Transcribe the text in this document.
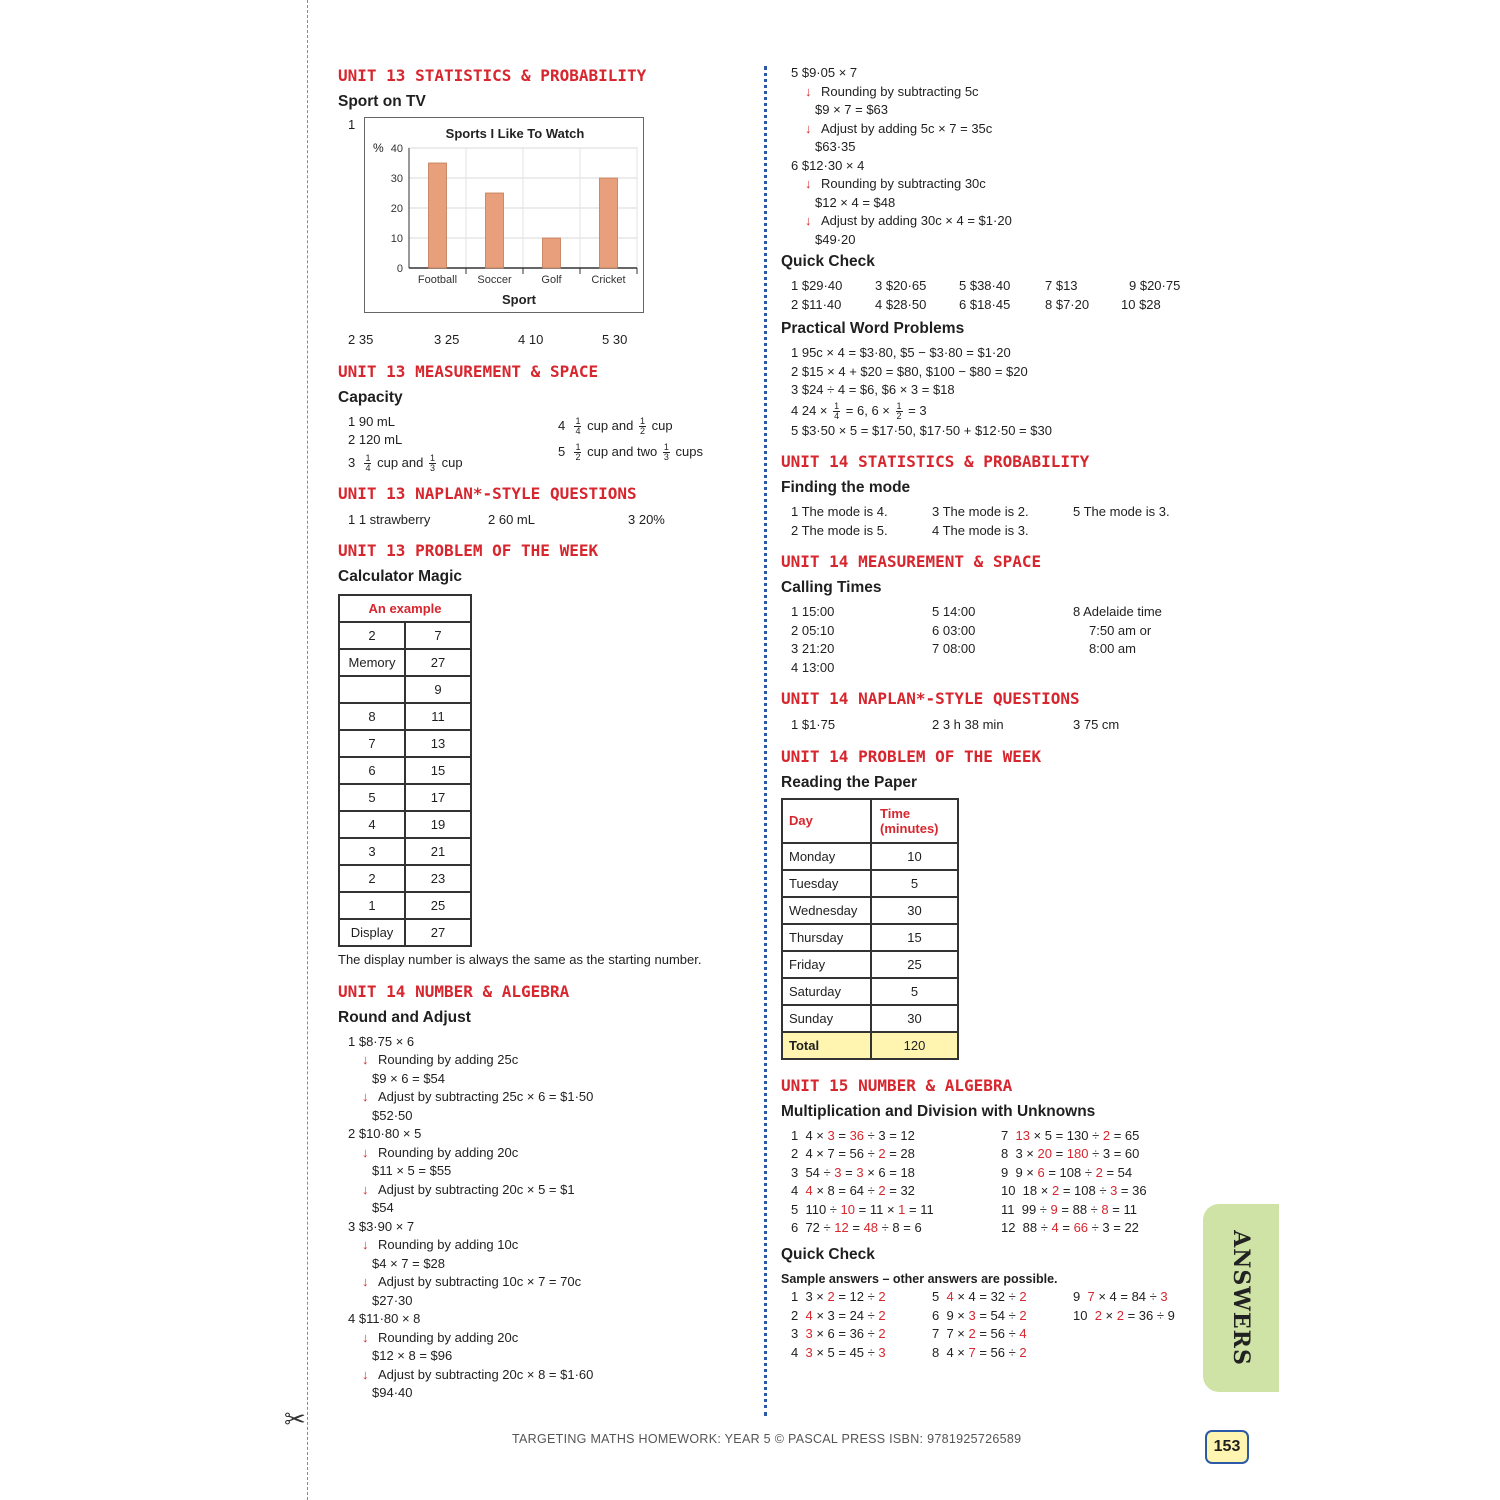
✂
UNIT 13 STATISTICS & PROBABILITY
Sport on TV
1
0
10
20
30
40
Football Soccer	Golf	Cricket
Sports I Like To Watch
Sport
%
2 35	3 25	4 10	5 30
UNIT 13 MEASUREMENT & SPACE
Capacity
1 90 mL
2 120 mL
$3 \frac{1}{4}$ cup and $\frac{1}{3}$ cup
$4 \frac{1}{4}$ cup and $\frac{1}{2}$ cup
$5 \frac{1}{2}$ cup and two $\frac{1}{3}$ cups
UNIT 13 NAPLAN*-STYLE QUESTIONS
1 1 strawberry	2 60 mL	3 20%
UNIT 13 PROBLEM OF THE WEEK
Calculator Magic
An example	
2	7
Memory	27
	9
8	11
7	13
6	15
5	17
4	19
3	21
2	23
1	25
Display	27
The display number is always the same as the starting number.
UNIT 14 NUMBER & ALGEBRA
Round and Adjust
1 $8·75 × 6
↓ Rounding by adding 25c
$9 × 6 = $54
↓ Adjust by subtracting 25c × 6 = $1·50
$52·50
2 $10·80 × 5
↓ Rounding by adding 20c
$11 × 5 = $55
↓ Adjust by subtracting 20c × 5 = $1
$54
3 $3·90 × 7
↓ Rounding by adding 10c
$4 × 7 = $28
↓ Adjust by subtracting 10c × 7 = 70c
$27·30
4 $11·80 × 8
↓ Rounding by adding 20c
$12 × 8 = $96
↓ Adjust by subtracting 20c × 8 = $1·60
$94·40
5 $9·05 × 7
↓ Rounding by subtracting 5c
$9 × 7 = $63
↓ Adjust by adding 5c × 7 = 35c
$63·35
6 $12·30 × 4
↓ Rounding by subtracting 30c
$12 × 4 = $48
↓ Adjust by adding 30c × 4 = $1·20
$49·20
Quick Check
1 $29·40	3 $20·65	5 $38·40	7 $13	9 $20·75
2 $11·40	4 $28·50	6 $18·45	8 $7·20	10 $28
Practical Word Problems
1 95c × 4 = $3·80, $5 − $3·80 = $1·20
2 $15 × 4 + $20 = $80, $100 − $80 = $20
3 $24 ÷ 4 = $6, $6 × 3 = $18
4 $24 \times \frac{1}{4} = 6$, $6 \times \frac{1}{2} = 3$
5 $3·50 × 5 = $17·50, $17·50 + $12·50 = $30
UNIT 14 STATISTICS & PROBABILITY
Finding the mode
1 The mode is 4.	3 The mode is 2.	5 The mode is 3.
2 The mode is 5.	4 The mode is 3.
UNIT 14 MEASUREMENT & SPACE
Calling Times
1 15:00
2 05:10
3 21:20
4 13:00
5 14:00
6 03:00
7 08:00
8 Adelaide time
7:50 am or
8:00 am
UNIT 14 NAPLAN*-STYLE QUESTIONS
1 $1·75	2 3 h 38 min	3 75 cm
UNIT 14 PROBLEM OF THE WEEK
Reading the Paper
Day	Time
(minutes)
Monday	10
Tuesday	5
Wednesday	30
Thursday	15
Friday	25
Saturday	5
Sunday	30
Total	120
UNIT 15 NUMBER & ALGEBRA
Multiplication and Division with Unknowns
1  4 × 3 = 36 ÷ 3 = 12
2  4 × 7 = 56 ÷ 2 = 28
3  54 ÷ 3 = 3 × 6 = 18
4  4 × 8 = 64 ÷ 2 = 32
5  110 ÷ 10 = 11 × 1 = 11
6  72 ÷ 12 = 48 ÷ 8 = 6
7  13 × 5 = 130 ÷ 2 = 65
8  3 × 20 = 180 ÷ 3 = 60
9  9 × 6 = 108 ÷ 2 = 54
10  18 × 2 = 108 ÷ 3 = 36
11  99 ÷ 9 = 88 ÷ 8 = 11
12  88 ÷ 4 = 66 ÷ 3 = 22
Quick Check
Sample answers – other answers are possible.
1  3 × 2 = 12 ÷ 2
2  4 × 3 = 24 ÷ 2
3  3 × 6 = 36 ÷ 2
4  3 × 5 = 45 ÷ 3
5  4 × 4 = 32 ÷ 2
6  9 × 3 = 54 ÷ 2
7  7 × 2 = 56 ÷ 4
8  4 × 7 = 56 ÷ 2
9  7 × 4 = 84 ÷ 3
10  2 × 2 = 36 ÷ 9	ANSWERS
TARGETING MATHS HOMEWORK: YEAR 5 © PASCAL PRESS ISBN: 9781925726589	153
